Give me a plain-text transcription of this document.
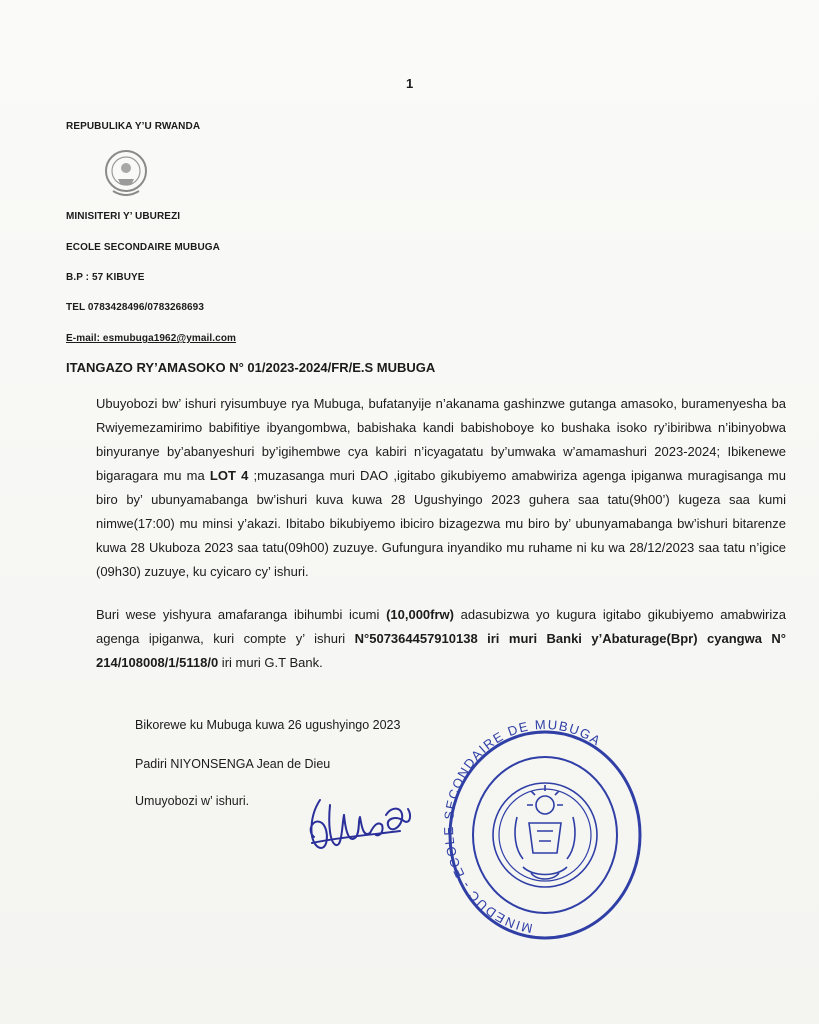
1
REPUBULIKA Y’U RWANDA
MINISITERI Y’ UBUREZI
ECOLE SECONDAIRE MUBUGA
B.P : 57 KIBUYE
TEL 0783428496/0783268693
E-mail: esmubuga1962@ymail.com
ITANGAZO RY’AMASOKO N° 01/2023-2024/FR/E.S MUBUGA
Ubuyobozi bw’ ishuri ryisumbuye rya Mubuga, bufatanyije n’akanama gashinzwe gutanga amasoko, buramenyesha ba Rwiyemezamirimo babifitiye ibyangombwa, babishaka kandi babishoboye ko bushaka isoko ry’ibiribwa n’ibinyobwa binyuranye by’abanyeshuri by’igihembwe cya kabiri n’icyagatatu by’umwaka w’amamashuri 2023-2024; Ibikenewe bigaragara mu ma LOT 4 ;muzasanga muri DAO ,igitabo gikubiyemo amabwiriza agenga ipiganwa muragisanga mu biro by’ ubunyamabanga bw’ishuri kuva kuwa 28 Ugushyingo 2023 guhera saa tatu(9h00’) kugeza saa kumi nimwe(17:00) mu minsi y’akazi. Ibitabo bikubiyemo ibiciro bizagezwa mu biro by’ ubunyamabanga bw’ishuri bitarenze kuwa 28 Ukuboza 2023 saa tatu(09h00) zuzuye. Gufungura inyandiko mu ruhame ni ku wa 28/12/2023 saa tatu n’igice (09h30) zuzuye, ku cyicaro cy’ ishuri.
Buri wese yishyura amafaranga ibihumbi icumi (10,000frw) adasubizwa yo kugura igitabo gikubiyemo amabwiriza agenga ipiganwa, kuri compte y’ ishuri N°507364457910138 iri muri Banki y’Abaturage(Bpr) cyangwa N° 214/108008/1/5118/0 iri muri G.T Bank.
Bikorewe ku Mubuga kuwa 26 ugushyingo 2023
Padiri NIYONSENGA Jean de Dieu
Umuyobozi w’ ishuri.
MINEDUC - ECOLE SECONDAIRE DE MUBUGA
